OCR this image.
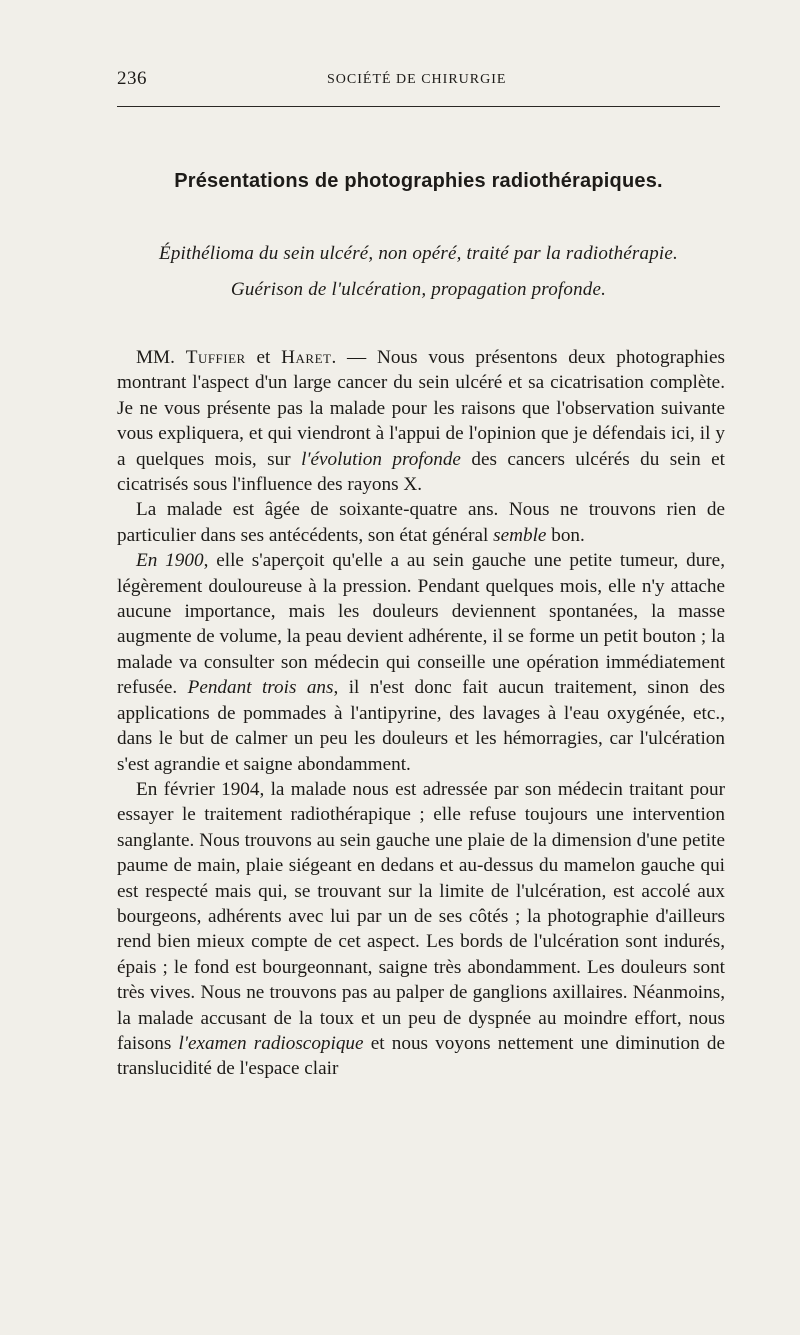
236	SOCIÉTÉ DE CHIRURGIE
Présentations de photographies radiothérapiques.
Épithélioma du sein ulcéré, non opéré, traité par la radiothérapie.
Guérison de l'ulcération, propagation profonde.

MM. Tuffier et Haret. — Nous vous présentons deux photographies montrant l'aspect d'un large cancer du sein ulcéré et sa cicatrisation complète. Je ne vous présente pas la malade pour les raisons que l'observation suivante vous expliquera, et qui viendront à l'appui de l'opinion que je défendais ici, il y a quelques mois, sur l'évolution profonde des cancers ulcérés du sein et cicatrisés sous l'influence des rayons X.

La malade est âgée de soixante-quatre ans. Nous ne trouvons rien de particulier dans ses antécédents, son état général semble bon.

En 1900, elle s'aperçoit qu'elle a au sein gauche une petite tumeur, dure, légèrement douloureuse à la pression. Pendant quelques mois, elle n'y attache aucune importance, mais les douleurs deviennent spontanées, la masse augmente de volume, la peau devient adhérente, il se forme un petit bouton ; la malade va consulter son médecin qui conseille une opération immédiatement refusée. Pendant trois ans, il n'est donc fait aucun traitement, sinon des applications de pommades à l'antipyrine, des lavages à l'eau oxygénée, etc., dans le but de calmer un peu les douleurs et les hémorragies, car l'ulcération s'est agrandie et saigne abondamment.

En février 1904, la malade nous est adressée par son médecin traitant pour essayer le traitement radiothérapique ; elle refuse toujours une intervention sanglante. Nous trouvons au sein gauche une plaie de la dimension d'une petite paume de main, plaie siégeant en dedans et au-dessus du mamelon gauche qui est respecté mais qui, se trouvant sur la limite de l'ulcération, est accolé aux bourgeons, adhérents avec lui par un de ses côtés ; la photographie d'ailleurs rend bien mieux compte de cet aspect. Les bords de l'ulcération sont indurés, épais ; le fond est bourgeonnant, saigne très abondamment. Les douleurs sont très vives. Nous ne trouvons pas au palper de ganglions axillaires. Néanmoins, la malade accusant de la toux et un peu de dyspnée au moindre effort, nous faisons l'examen radioscopique et nous voyons nettement une diminution de translucidité de l'espace clair
